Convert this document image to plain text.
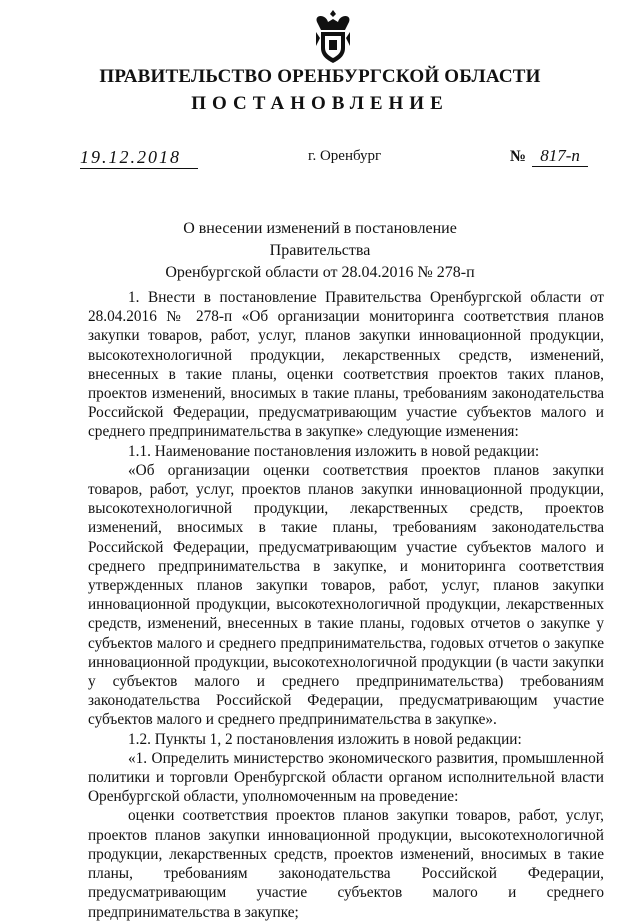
ПРАВИТЕЛЬСТВО ОРЕНБУРГСКОЙ ОБЛАСТИ
ПОСТАНОВЛЕНИЕ
19.12.2018	г. Оренбург	№ 817-п
О внесении изменений в постановление Правительства
Оренбургской области от 28.04.2016 № 278-п

1. Внести в постановление Правительства Оренбургской области от 28.04.2016 № 278-п «Об организации мониторинга соответствия планов закупки товаров, работ, услуг, планов закупки инновационной продукции, высокотехнологичной продукции, лекарственных средств, изменений, внесенных в такие планы, оценки соответствия проектов таких планов, проектов изменений, вносимых в такие планы, требованиям законодательства Российской Федерации, предусматривающим участие субъектов малого и среднего предпринимательства в закупке» следующие изменения:

1.1. Наименование постановления изложить в новой редакции:

«Об организации оценки соответствия проектов планов закупки товаров, работ, услуг, проектов планов закупки инновационной продукции, высокотехнологичной продукции, лекарственных средств, проектов изменений, вносимых в такие планы, требованиям законодательства Российской Федерации, предусматривающим участие субъектов малого и среднего предпринимательства в закупке, и мониторинга соответствия утвержденных планов закупки товаров, работ, услуг, планов закупки инновационной продукции, высокотехнологичной продукции, лекарственных средств, изменений, внесенных в такие планы, годовых отчетов о закупке у субъектов малого и среднего предпринимательства, годовых отчетов о закупке инновационной продукции, высокотехнологичной продукции (в части закупки у субъектов малого и среднего предпринимательства) требованиям законодательства Российской Федерации, предусматривающим участие субъектов малого и среднего предпринимательства в закупке».

1.2. Пункты 1, 2 постановления изложить в новой редакции:

«1. Определить министерство экономического развития, промышленной политики и торговли Оренбургской области органом исполнительной власти Оренбургской области, уполномоченным на проведение:

оценки соответствия проектов планов закупки товаров, работ, услуг, проектов планов закупки инновационной продукции, высокотехнологичной продукции, лекарственных средств, проектов изменений, вносимых в такие планы, требованиям законодательства Российской Федерации, предусматривающим участие субъектов малого и среднего предпринимательства в закупке;
